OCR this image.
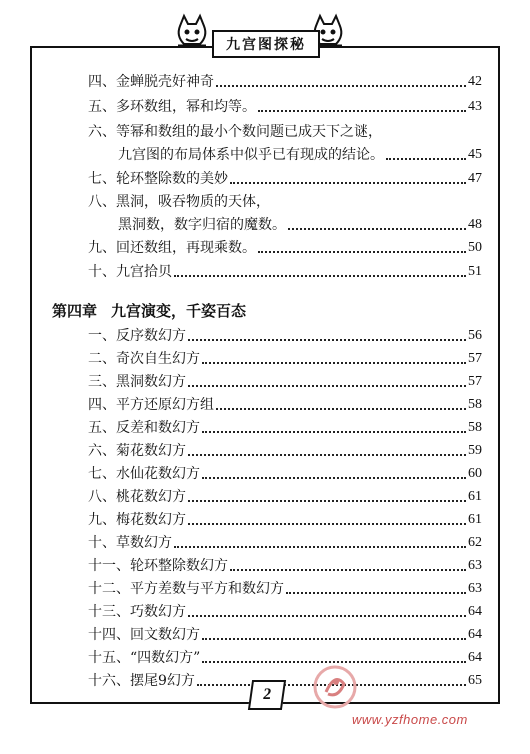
九宫图探秘
四、金蝉脱壳好神奇	42
五、多环数组，幂和均等。	43
六、等幂和数组的最小个数问题已成天下之谜，
九宫图的布局体系中似乎已有现成的结论。	45
七、轮环整除数的美妙	47
八、黑洞，吸吞物质的天体，
黑洞数，数字归宿的魔数。	48
九、回还数组，再现乘数。	50
十、九宫拾贝	51
第四章 九宫演变，千姿百态
一、反序数幻方	56
二、奇次自生幻方	57
三、黑洞数幻方	57
四、平方还原幻方组	58
五、反差和数幻方	58
六、菊花数幻方	59
七、水仙花数幻方	60
八、桃花数幻方	61
九、梅花数幻方	61
十、草数幻方	62
十一、轮环整除数幻方	63
十二、平方差数与平方和数幻方	63
十三、巧数幻方	64
十四、回文数幻方	64
十五、“四数幻方”	64
十六、摆尾9幻方	65
2
www.yzfhome.com
